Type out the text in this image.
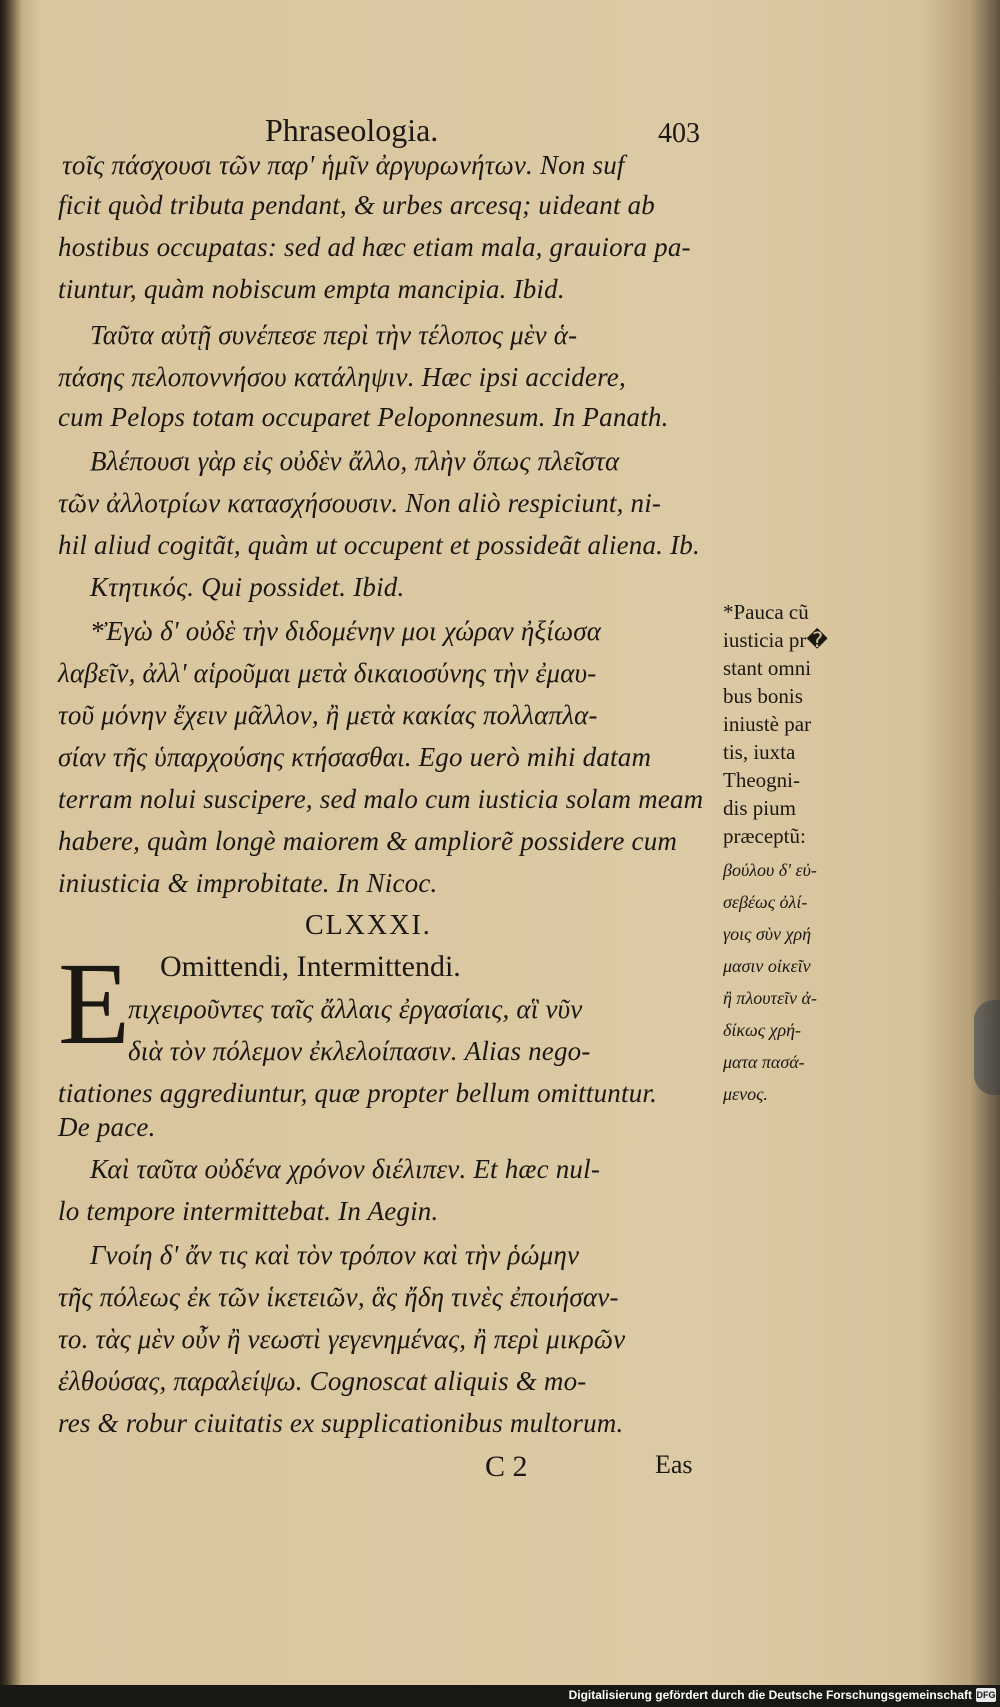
Phraseologia.	403
τοῖς πάσχουσι τῶν παρ' ἡμῖν ἀργυρωνήτων. Non suf
ficit quòd tributa pendant, & urbes arcesq; uideant ab
hostibus occupatas: sed ad hæc etiam mala, grauiora pa-
tiuntur, quàm nobiscum empta mancipia. Ibid.
Ταῦτα αὐτῇ συνέπεσε περὶ τὴν τέλοπος μὲν ἁ-
πάσης πελοποννήσου κατάληψιν. Hæc ipsi accidere,
cum Pelops totam occuparet Peloponnesum. In Panath.
Βλέπουσι γὰρ εἰς οὐδὲν ἄλλο, πλὴν ὅπως πλεῖστα
τῶν ἀλλοτρίων κατασχήσουσιν. Non aliò respiciunt, ni-
hil aliud cogitãt, quàm ut occupent et possideãt aliena. Ib.
Κτητικός. Qui possidet. Ibid.
*Ἐγὼ δ' οὐδὲ τὴν διδομένην μοι χώραν ἠξίωσα
λαβεῖν, ἀλλ' αἱροῦμαι μετὰ δικαιοσύνης τὴν ἐμαυ-
τοῦ μόνην ἔχειν μᾶλλον, ἢ μετὰ κακίας πολλαπλα-
σίαν τῆς ὑπαρχούσης κτήσασθαι. Ego uerò mihi datam
terram nolui suscipere, sed malo cum iusticia solam meam
habere, quàm longè maiorem & ampliorẽ possidere cum
iniusticia & improbitate. In Nicoc.
CLXXXI.
Omittendi, Intermittendi.
E
πιχειροῦντες ταῖς ἄλλαις ἐργασίαις, αἳ νῦν
διὰ τὸν πόλεμον ἐκλελοίπασιν. Alias nego-
tiationes aggrediuntur, quæ propter bellum omittuntur.
De pace.
Καὶ ταῦτα οὐδένα χρόνον διέλιπεν. Et hæc nul-
lo tempore intermittebat. In Aegin.
Γνοίη δ' ἄν τις καὶ τὸν τρόπον καὶ τὴν ῥώμην
τῆς πόλεως ἐκ τῶν ἱκετειῶν, ἃς ἤδη τινὲς ἐποιήσαν-
το. τὰς μὲν οὖν ἢ νεωστὶ γεγενημένας, ἢ περὶ μικρῶν
ἐλθούσας, παραλείψω. Cognoscat aliquis & mo-
res & robur ciuitatis ex supplicationibus multorum.
C 2	Eas
*Pauca cũ
iusticia pr�
stant omni
bus bonis
iniustè par
tis, iuxta
Theogni-
dis pium
præceptũ:
βούλου δ' εὐ-
σεβέως ὀλί-
γοις σὺν χρή
μασιν οἰκεῖν
ἢ πλουτεῖν ἀ-
δίκως χρή-
ματα πασά-
μενος.
Digitalisierung gefördert durch die Deutsche Forschungsgemeinschaft DFG
